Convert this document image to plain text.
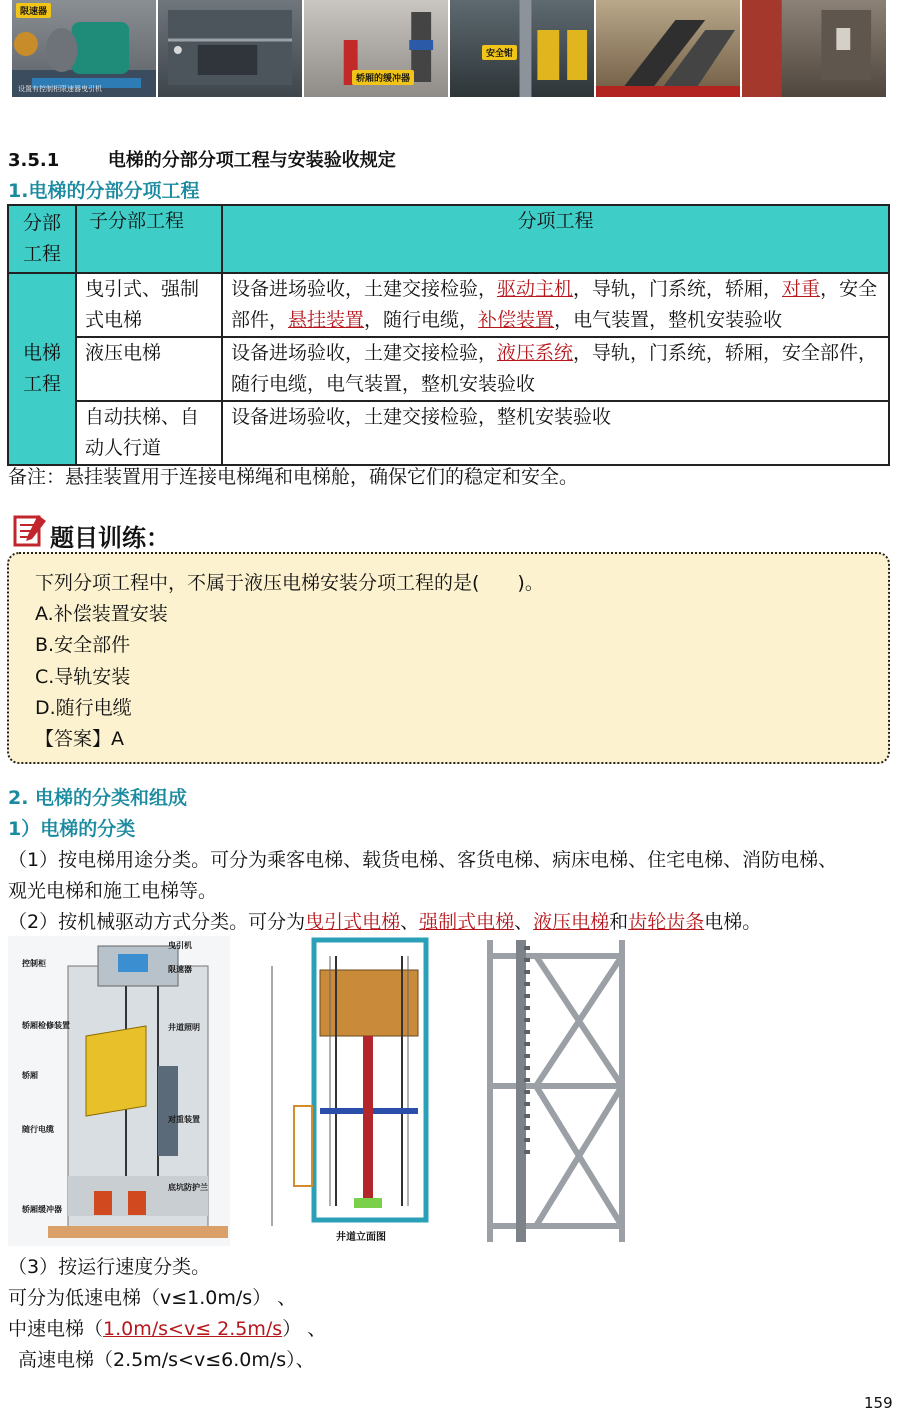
限速器
设置有控制柜限速器曳引机
轿厢的缓冲器
安全钳
3.5.1	电梯的分部分项工程与安装验收规定
1.电梯的分部分项工程
分部工程	子分部工程	分项工程
电梯工程	曳引式、强制式电梯	设备进场验收，土建交接检验，驱动主机，导轨，门系统，轿厢，对重，安全部件，悬挂装置，随行电缆，补偿装置，电气装置，整机安装验收
	液压电梯	设备进场验收，土建交接检验，液压系统，导轨，门系统，轿厢，安全部件，随行电缆，电气装置，整机安装验收
	自动扶梯、自动人行道	设备进场验收，土建交接检验，整机安装验收
备注：悬挂装置用于连接电梯绳和电梯舱，确保它们的稳定和安全。
题目训练：
下列分项工程中，不属于液压电梯安装分项工程的是(　　)。
A.补偿装置安装
B.安全部件
C.导轨安装
D.随行电缆
【答案】A
2. 电梯的分类和组成
1）电梯的分类
（1）按电梯用途分类。可分为乘客电梯、载货电梯、客货电梯、病床电梯、住宅电梯、消防电梯、
观光电梯和施工电梯等。
（2）按机械驱动方式分类。可分为曳引式电梯、强制式电梯、液压电梯和齿轮齿条电梯。
控制柜
曳引机
限速器
轿厢检修装置	井道照明
轿厢
随行电缆
对重装置
底坑防护兰
轿厢缓冲器
井道立面图
（3）按运行速度分类。
可分为低速电梯（v≤1.0m/s） 、
中速电梯（1.0m/s<v≤ 2.5m/s） 、
高速电梯（2.5m/s<v≤6.0m/s）、
159
